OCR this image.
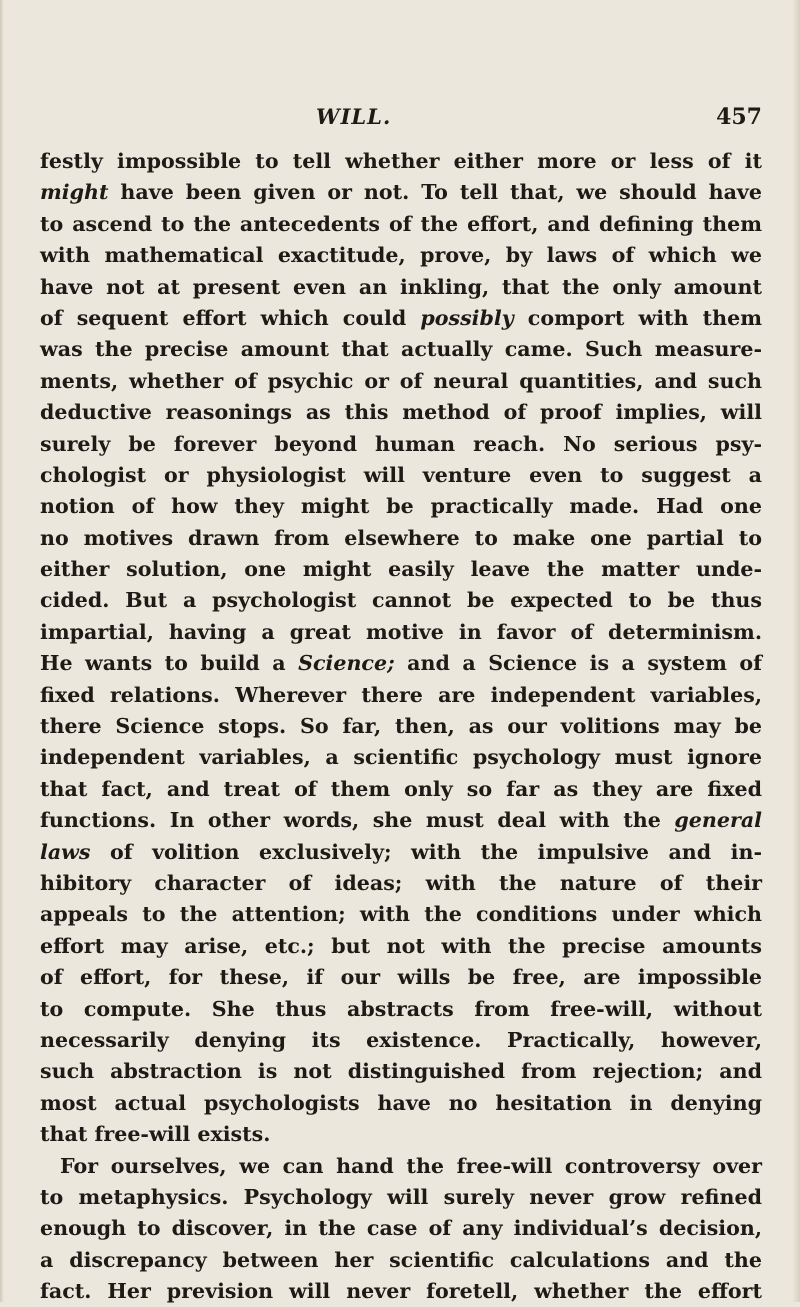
WILL.	457
festly impossible to tell whether either more or less of it
might have been given or not. To tell that, we should have
to ascend to the antecedents of the effort, and defining them
with mathematical exactitude, prove, by laws of which we
have not at present even an inkling, that the only amount
of sequent effort which could possibly comport with them
was the precise amount that actually came. Such measure-
ments, whether of psychic or of neural quantities, and such
deductive reasonings as this method of proof implies, will
surely be forever beyond human reach. No serious psy-
chologist or physiologist will venture even to suggest a
notion of how they might be practically made. Had one
no motives drawn from elsewhere to make one partial to
either solution, one might easily leave the matter unde-
cided. But a psychologist cannot be expected to be thus
impartial, having a great motive in favor of determinism.
He wants to build a Science; and a Science is a system of
fixed relations. Wherever there are independent variables,
there Science stops. So far, then, as our volitions may be
independent variables, a scientific psychology must ignore
that fact, and treat of them only so far as they are fixed
functions. In other words, she must deal with the general
laws of volition exclusively; with the impulsive and in-
hibitory character of ideas; with the nature of their
appeals to the attention; with the conditions under which
effort may arise, etc.; but not with the precise amounts
of effort, for these, if our wills be free, are impossible
to compute. She thus abstracts from free-will, without
necessarily denying its existence. Practically, however,
such abstraction is not distinguished from rejection; and
most actual psychologists have no hesitation in denying
that free-will exists.
For ourselves, we can hand the free-will controversy over
to metaphysics. Psychology will surely never grow refined
enough to discover, in the case of any individual’s decision,
a discrepancy between her scientific calculations and the
fact. Her prevision will never foretell, whether the effort
